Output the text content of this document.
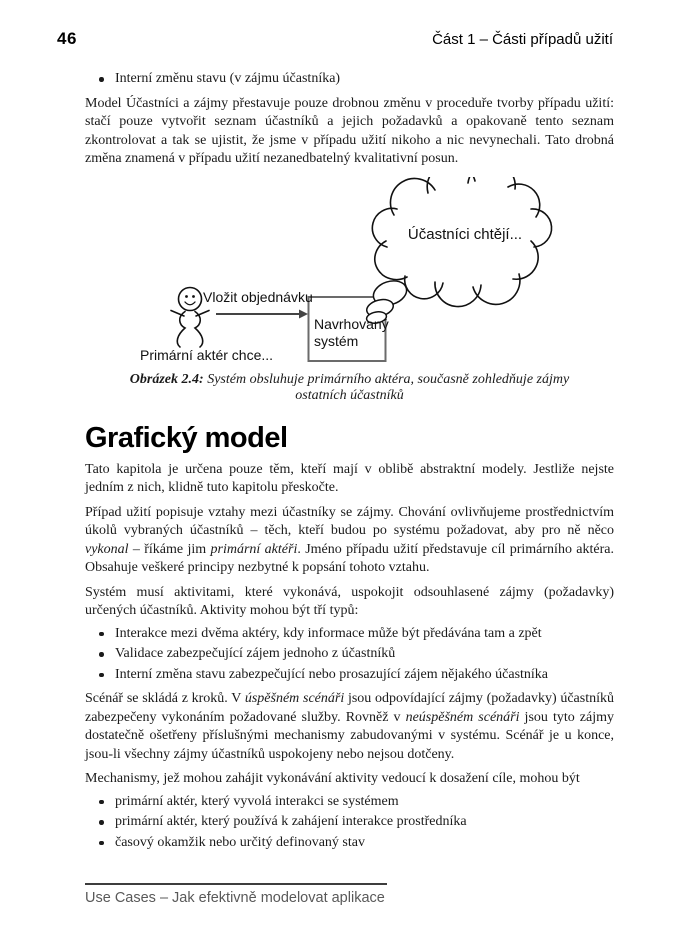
46	Část 1 – Části případů užití
Interní změnu stavu (v zájmu účastníka)

Model Účastníci a zájmy přestavuje pouze drobnou změnu v proceduře tvorby případu užití: stačí pouze vytvořit seznam účastníků a jejich požadavků a opakovaně tento seznam zkontrolovat a tak se ujistit, že jsme v případu užití nikoho a nic nevynechali. Tato drobná změna znamená v případu užití nezanedbatelný kvalitativní posun.

Účastníci chtějí...
Vložit objednávku
Navrhovaný systém
Primární aktér chce...
Obrázek 2.4: Systém obsluhuje primárního aktéra, současně zohledňuje zájmy ostatních účastníků
Grafický model

Tato kapitola je určena pouze těm, kteří mají v oblibě abstraktní modely. Jestliže nejste jedním z nich, klidně tuto kapitolu přeskočte.

Případ užití popisuje vztahy mezi účastníky se zájmy. Chování ovlivňujeme prostřednictvím úkolů vybraných účastníků – těch, kteří budou po systému požadovat, aby pro ně něco vykonal – říkáme jim primární aktéři. Jméno případu užití představuje cíl primárního aktéra. Obsahuje veškeré principy nezbytné k popsání tohoto vztahu.

Systém musí aktivitami, které vykonává, uspokojit odsouhlasené zájmy (požadavky) určených účastníků. Aktivity mohou být tří typů:

Interakce mezi dvěma aktéry, kdy informace může být předávána tam a zpět
Validace zabezpečující zájem jednoho z účastníků
Interní změna stavu zabezpečující nebo prosazující zájem nějakého účastníka

Scénář se skládá z kroků. V úspěšném scénáři jsou odpovídající zájmy (požadavky) účastníků zabezpečeny vykonáním požadované služby. Rovněž v neúspěšném scénáři jsou tyto zájmy dostatečně ošetřeny příslušnými mechanismy zabudovanými v systému. Scénář je u konce, jsou-li všechny zájmy účastníků uspokojeny nebo nejsou dotčeny.

Mechanismy, jež mohou zahájit vykonávání aktivity vedoucí k dosažení cíle, mohou být

primární aktér, který vyvolá interakci se systémem
primární aktér, který používá k zahájení interakce prostředníka
časový okamžik nebo určitý definovaný stav
Use Cases – Jak efektivně modelovat aplikace
